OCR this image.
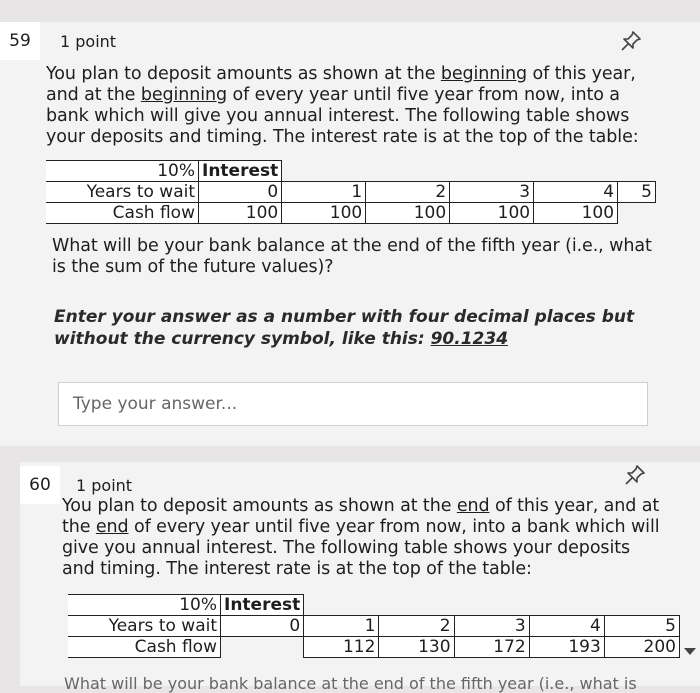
59	1 point
You plan to deposit amounts as shown at the beginning of this year, and at the beginning of every year until five year from now, into a bank which will give you annual interest. The following table shows your deposits and timing. The interest rate is at the top of the table:
10%	Interest					
Years to wait	0	1	2	3	4	5
Cash flow	100	100	100	100	100	
What will be your bank balance at the end of the fifth year (i.e., what is the sum of the future values)?
Enter your answer as a number with four decimal places but without the currency symbol, like this: 90.1234
Type your answer...
60	1 point
You plan to deposit amounts as shown at the end of this year, and at the end of every year until five year from now, into a bank which will give you annual interest. The following table shows your deposits and timing. The interest rate is at the top of the table:
10%	Interest					
Years to wait	0	1	2	3	4	5
Cash flow		112	130	172	193	200
What will be your bank balance at the end of the fifth year (i.e., what is
